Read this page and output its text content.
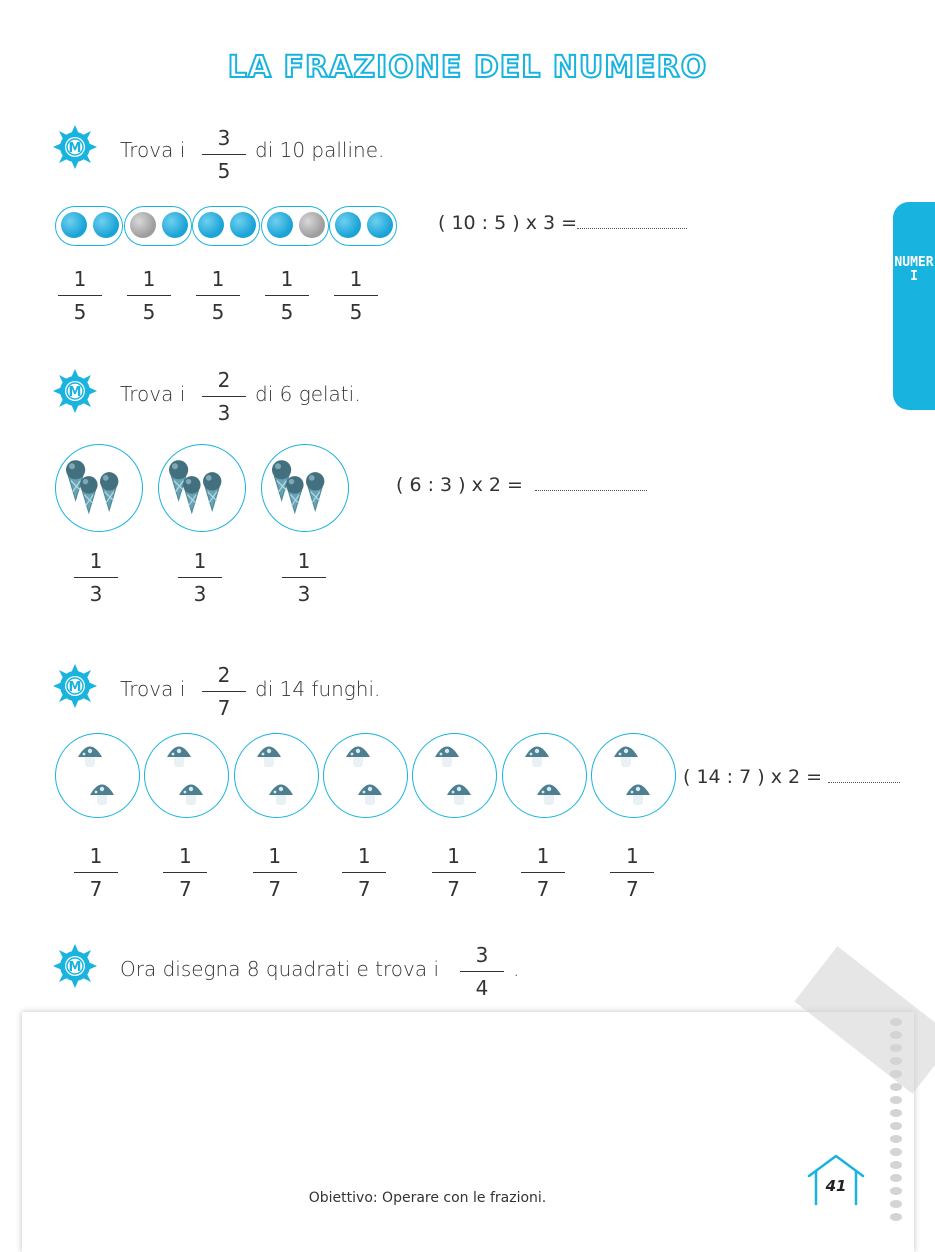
LA FRAZIONE DEL NUMERO
NUMERI
M Trova i	3
5
di 10 palline.
( 10 : 5 ) x 3 =
M Trova i
2
3
di 6 gelati.
( 6 : 3 ) x 2 =
M Trova i
2
7
di 14 funghi.
( 14 : 7 ) x 2 =
M Ora disegna 8 quadrati e trova i
3
4
.
Obiettivo: Operare con le frazioni.
41
1
5
1
5
1
5
1
5
1
5
1
3
1
3
1
3
1
7
1
7
1
7
1
7
1
7
1
7
1
7
